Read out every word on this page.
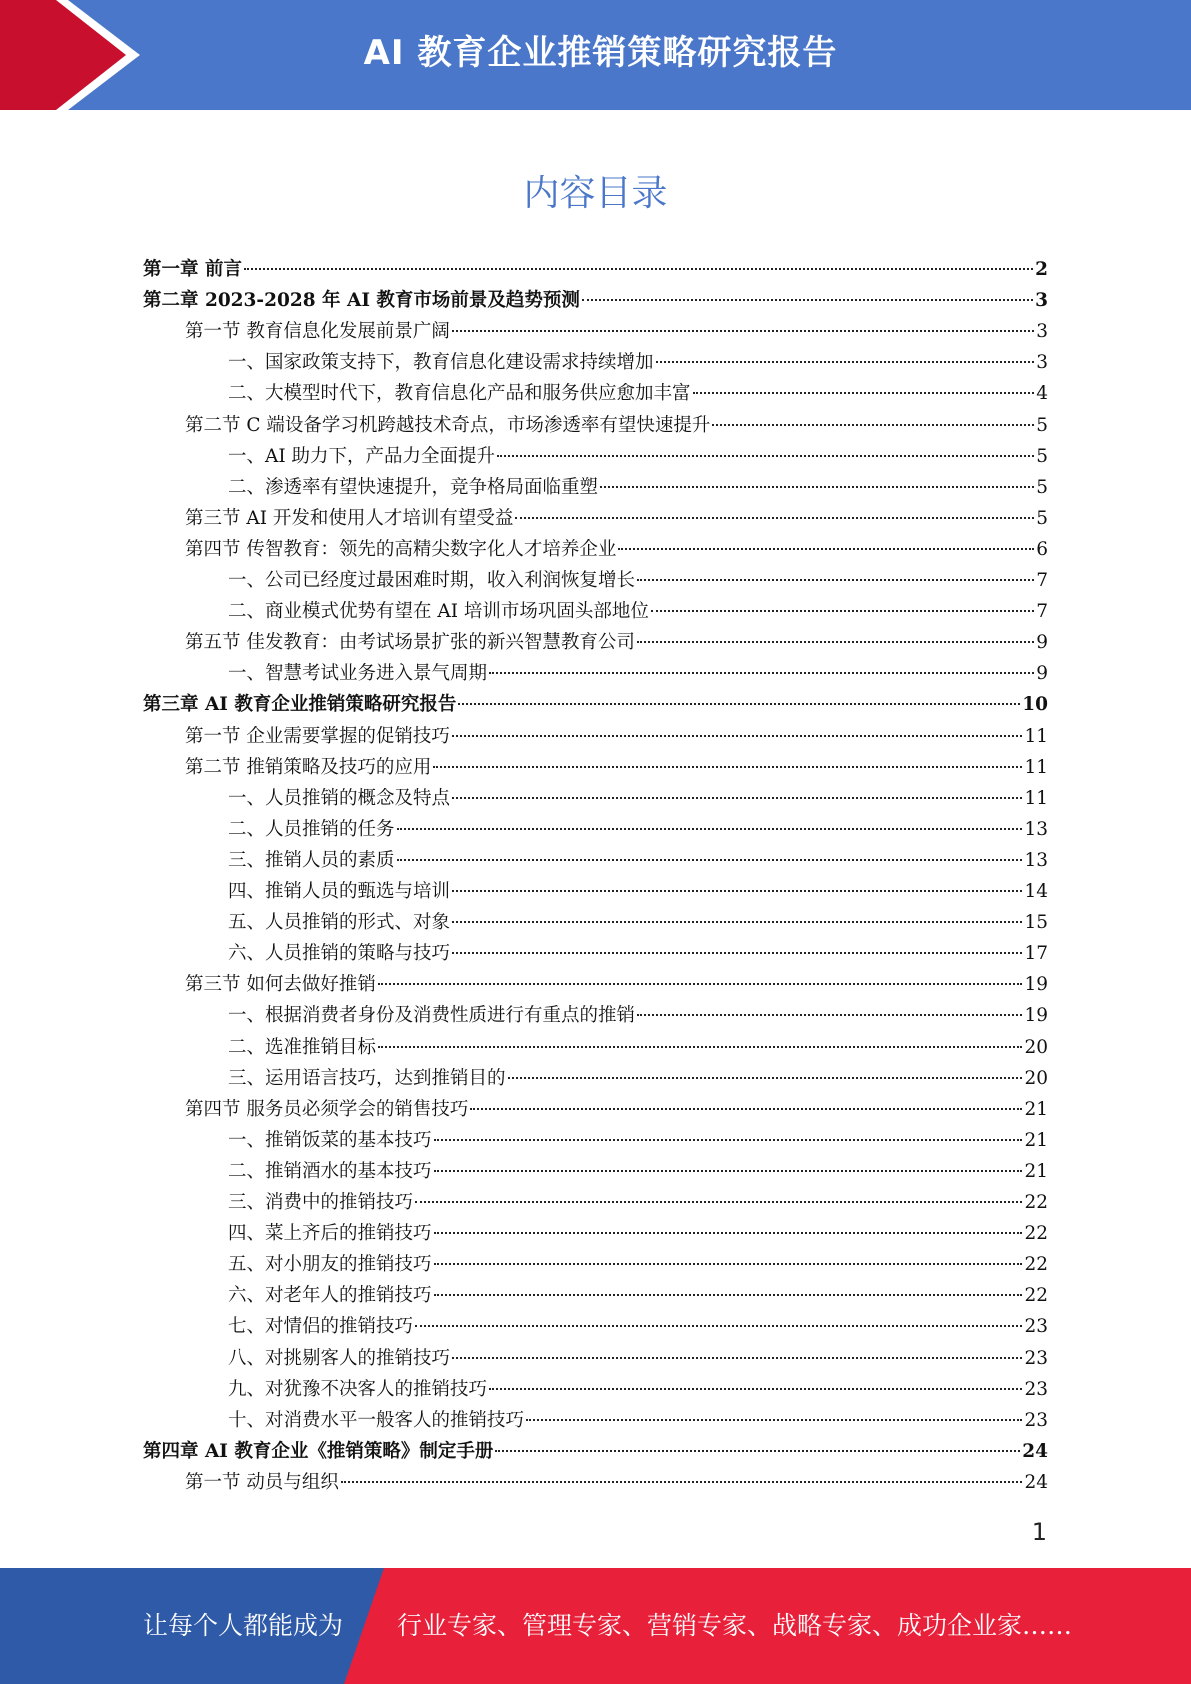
AI 教育企业推销策略研究报告
内容目录
第一章 前言	2
第二章 2023-2028 年 AI 教育市场前景及趋势预测	3
第一节 教育信息化发展前景广阔	3
一、国家政策支持下，教育信息化建设需求持续增加	3
二、大模型时代下，教育信息化产品和服务供应愈加丰富	4
第二节 C 端设备学习机跨越技术奇点，市场渗透率有望快速提升	5
一、AI 助力下，产品力全面提升	5
二、渗透率有望快速提升，竞争格局面临重塑	5
第三节 AI 开发和使用人才培训有望受益	5
第四节 传智教育：领先的高精尖数字化人才培养企业	6
一、公司已经度过最困难时期，收入利润恢复增长	7
二、商业模式优势有望在 AI 培训市场巩固头部地位	7
第五节 佳发教育：由考试场景扩张的新兴智慧教育公司	9
一、智慧考试业务进入景气周期	9
第三章 AI 教育企业推销策略研究报告	10
第一节 企业需要掌握的促销技巧	11
第二节 推销策略及技巧的应用	11
一、人员推销的概念及特点	11
二、人员推销的任务	13
三、推销人员的素质	13
四、推销人员的甄选与培训	14
五、人员推销的形式、对象	15
六、人员推销的策略与技巧	17
第三节 如何去做好推销	19
一、根据消费者身份及消费性质进行有重点的推销	19
二、选准推销目标	20
三、运用语言技巧，达到推销目的	20
第四节 服务员必须学会的销售技巧	21
一、推销饭菜的基本技巧	21
二、推销酒水的基本技巧	21
三、消费中的推销技巧	22
四、菜上齐后的推销技巧	22
五、对小朋友的推销技巧	22
六、对老年人的推销技巧	22
七、对情侣的推销技巧	23
八、对挑剔客人的推销技巧	23
九、对犹豫不决客人的推销技巧	23
十、对消费水平一般客人的推销技巧	23
第四章 AI 教育企业《推销策略》制定手册	24
第一节 动员与组织	24
1
让每个人都能成为 行业专家、管理专家、营销专家、战略专家、成功企业家……
